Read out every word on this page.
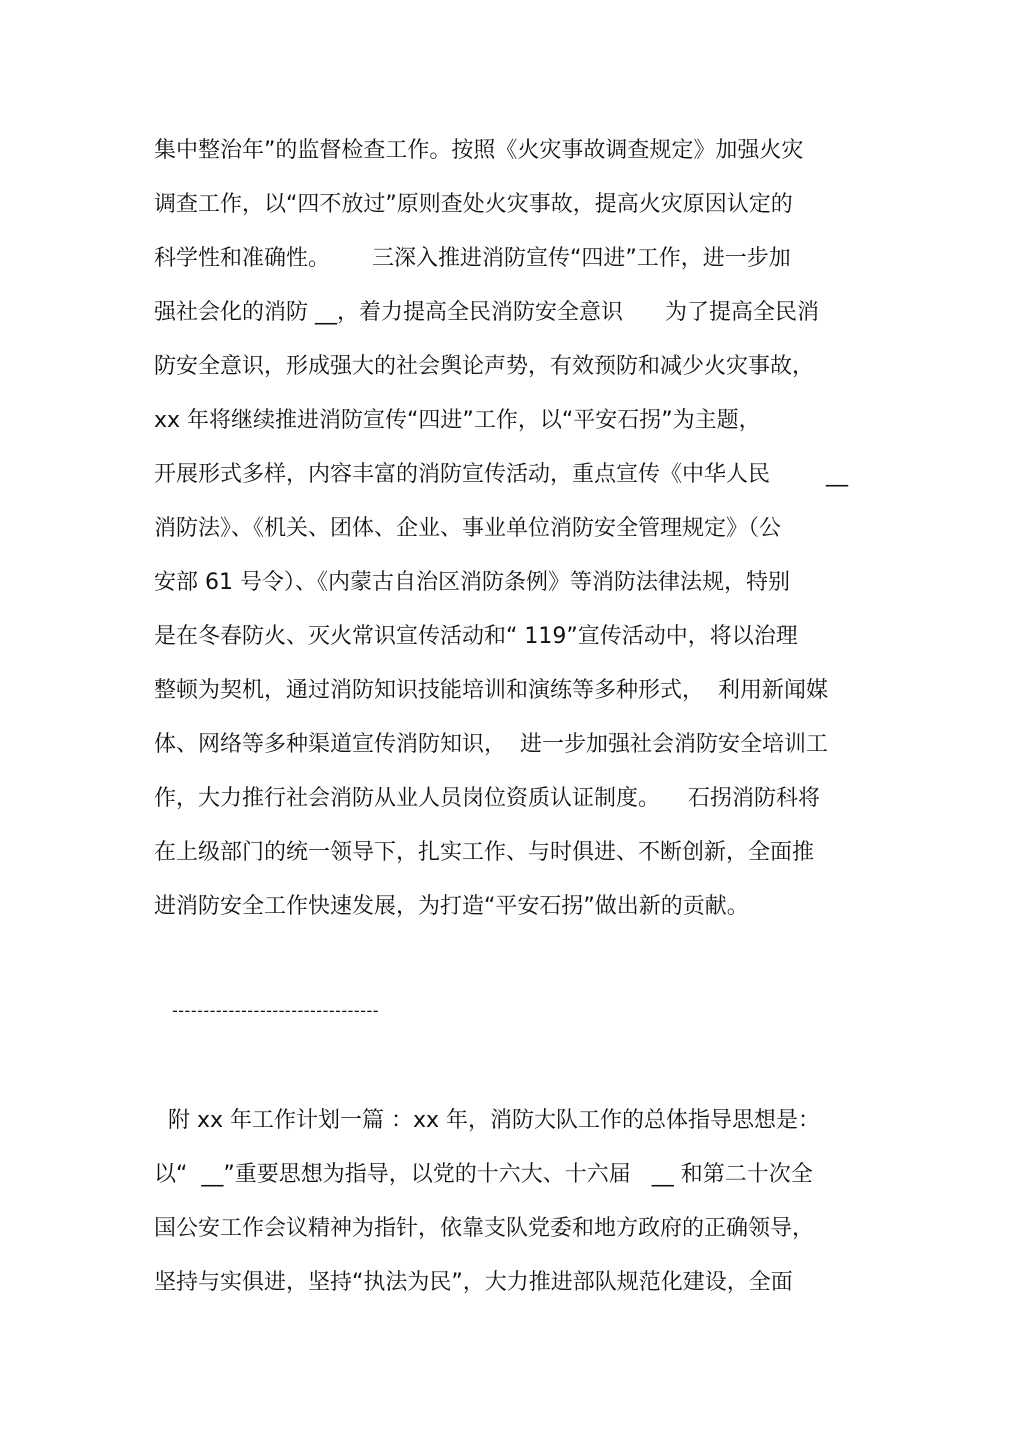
集中整治年”的监督检查工作。按照《火灾事故调查规定》加强火灾
调查工作，以“四不放过”原则查处火灾事故，提高火灾原因认定的
科学性和准确性。      三深入推进消防宣传“四进”工作，进一步加
强社会化的消防 __，着力提高全民消防安全意识      为了提高全民消
防安全意识，形成强大的社会舆论声势，有效预防和减少火灾事故，
xx 年将继续推进消防宣传“四进”工作，以“平安石拐”为主题，
开展形式多样，内容丰富的消防宣传活动，重点宣传《中华人民        __
消防法》、《机关、团体、企业、事业单位消防安全管理规定》（公
安部 61 号令）、《内蒙古自治区消防条例》等消防法律法规，特别
是在冬春防火、灭火常识宣传活动和“ 119”宣传活动中，将以治理
整顿为契机，通过消防知识技能培训和演练等多种形式，  利用新闻媒
体、网络等多种渠道宣传消防知识，  进一步加强社会消防安全培训工
作，大力推行社会消防从业人员岗位资质认证制度。    石拐消防科将
在上级部门的统一领导下，扎实工作、与时俱进、不断创新，全面推
进消防安全工作快速发展，为打造“平安石拐”做出新的贡献。
---------------------------------
附 xx 年工作计划一篇 ：xx 年，消防大队工作的总体指导思想是：
以“  __”重要思想为指导，以党的十六大、十六届   __ 和第二十次全
国公安工作会议精神为指针，依靠支队党委和地方政府的正确领导，
坚持与实俱进，坚持“执法为民”，大力推进部队规范化建设，全面
